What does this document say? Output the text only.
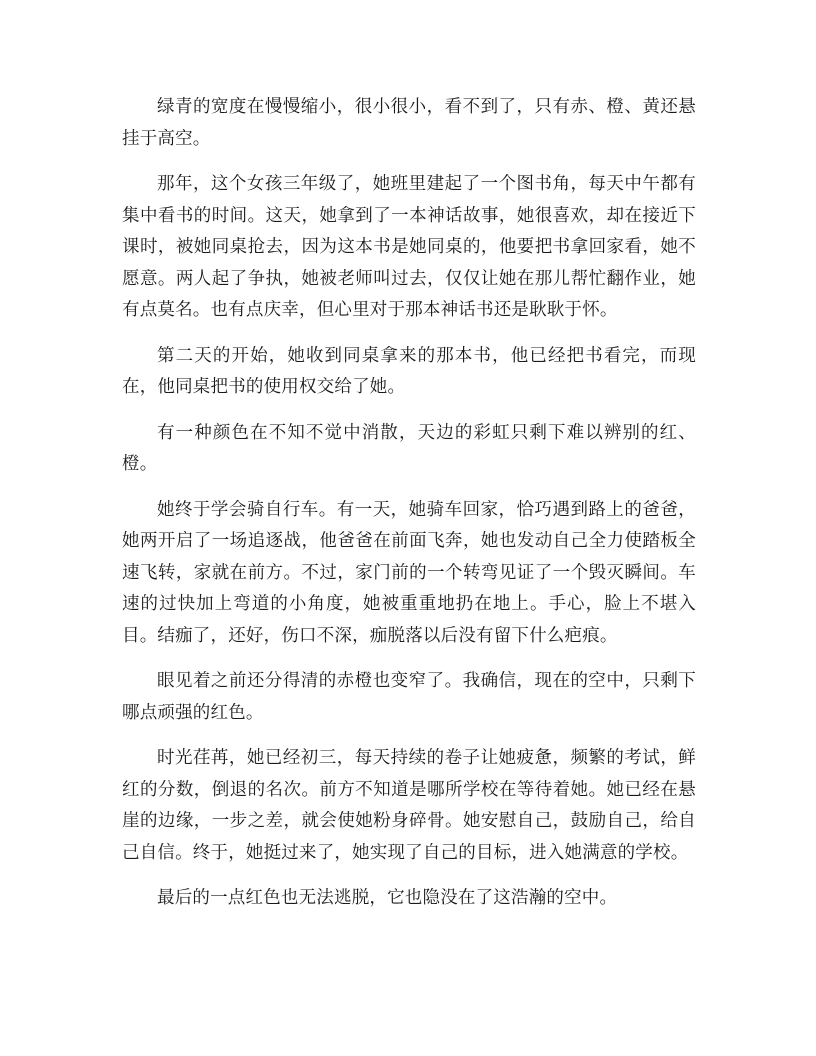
绿青的宽度在慢慢缩小，很小很小，看不到了，只有赤、橙、黄还悬挂于高空。

那年，这个女孩三年级了，她班里建起了一个图书角，每天中午都有集中看书的时间。这天，她拿到了一本神话故事，她很喜欢，却在接近下课时，被她同桌抢去，因为这本书是她同桌的，他要把书拿回家看，她不愿意。两人起了争执，她被老师叫过去，仅仅让她在那儿帮忙翻作业，她有点莫名。也有点庆幸，但心里对于那本神话书还是耿耿于怀。

第二天的开始，她收到同桌拿来的那本书，他已经把书看完，而现在，他同桌把书的使用权交给了她。

有一种颜色在不知不觉中消散，天边的彩虹只剩下难以辨别的红、橙。

她终于学会骑自行车。有一天，她骑车回家，恰巧遇到路上的爸爸，她两开启了一场追逐战，他爸爸在前面飞奔，她也发动自己全力使踏板全速飞转，家就在前方。不过，家门前的一个转弯见证了一个毁灭瞬间。车速的过快加上弯道的小角度，她被重重地扔在地上。手心，脸上不堪入目。结痂了，还好，伤口不深，痂脱落以后没有留下什么疤痕。

眼见着之前还分得清的赤橙也变窄了。我确信，现在的空中，只剩下哪点顽强的红色。

时光荏苒，她已经初三，每天持续的卷子让她疲惫，频繁的考试，鲜红的分数，倒退的名次。前方不知道是哪所学校在等待着她。她已经在悬崖的边缘，一步之差，就会使她粉身碎骨。她安慰自己，鼓励自己，给自己自信。终于，她挺过来了，她实现了自己的目标，进入她满意的学校。

最后的一点红色也无法逃脱，它也隐没在了这浩瀚的空中。
